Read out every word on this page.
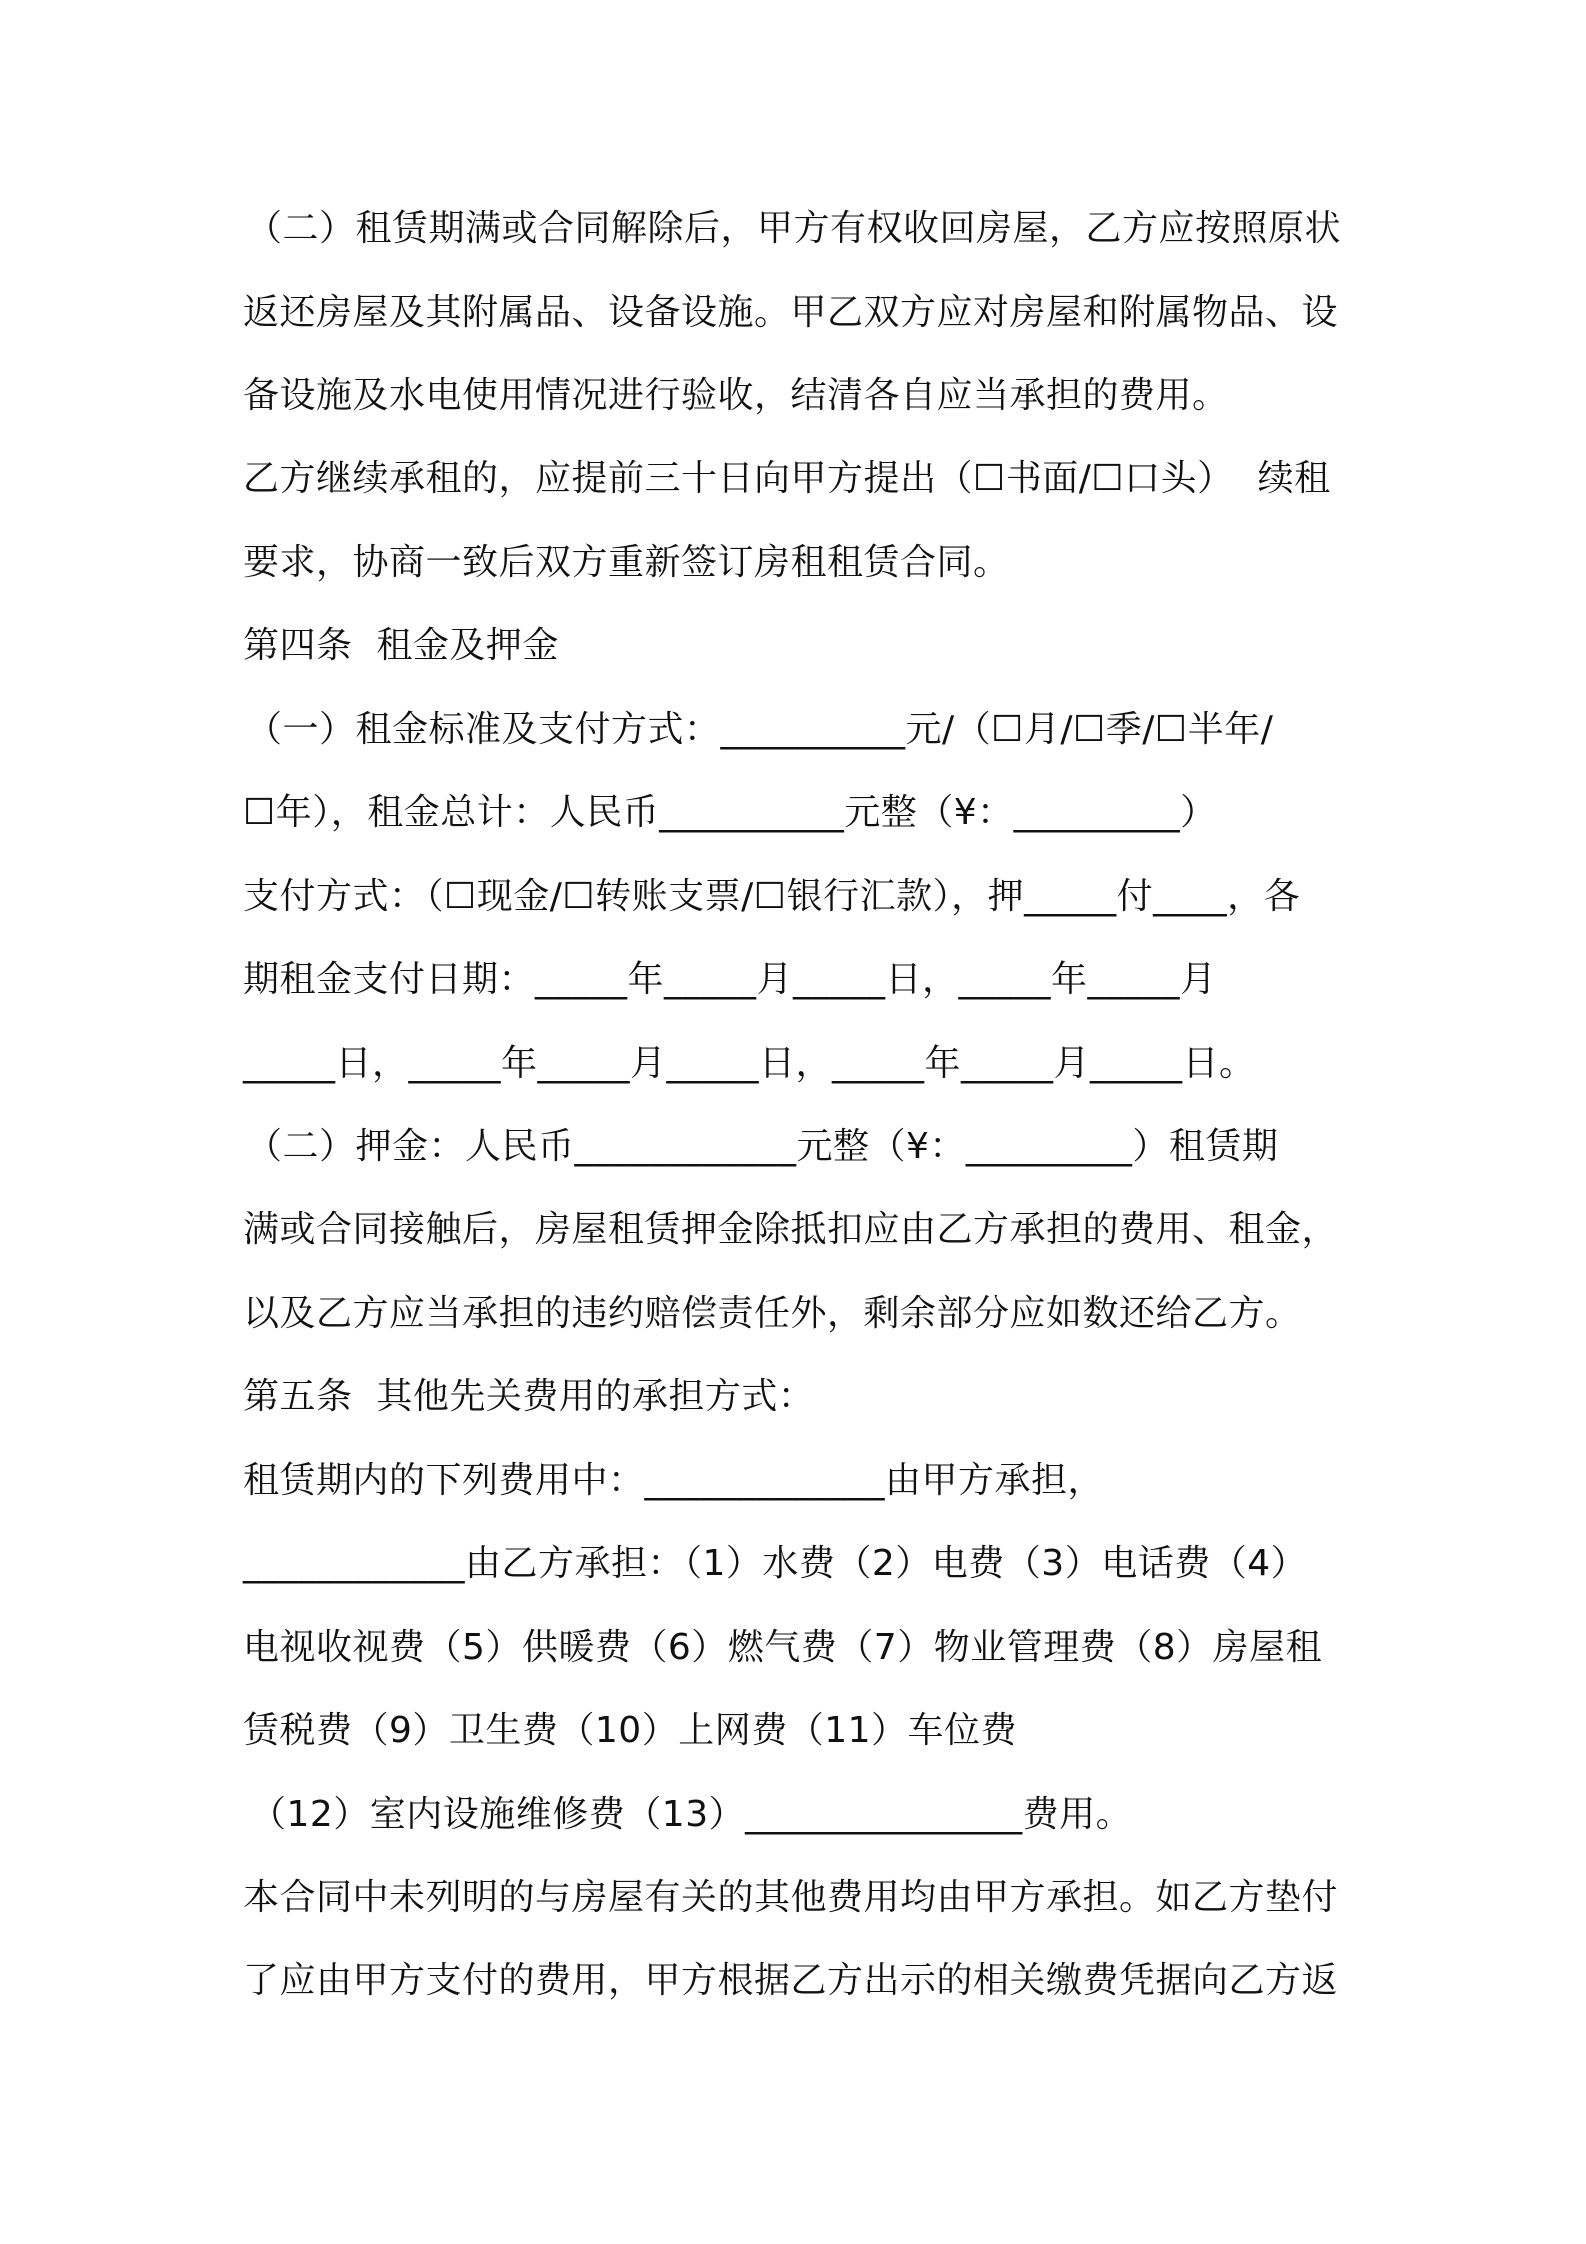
（二）租赁期满或合同解除后，甲方有权收回房屋，乙方应按照原状
返还房屋及其附属品、设备设施。甲乙双方应对房屋和附属物品、设
备设施及水电使用情况进行验收，结清各自应当承担的费用。
乙方继续承租的，应提前三十日向甲方提出（☐书面/☐口头）  续租
要求，协商一致后双方重新签订房租租赁合同。
第四条  租金及押金
（一）租金标准及支付方式：__________元/（☐月/☐季/☐半年/
☐年），租金总计：人民币__________元整（¥：_________）
支付方式：（☐现金/☐转账支票/☐银行汇款），押_____付____，各
期租金支付日期：_____年_____月_____日，_____年_____月
_____日，_____年_____月_____日，_____年_____月_____日。
（二）押金：人民币____________元整（¥：_________）租赁期
满或合同接触后，房屋租赁押金除抵扣应由乙方承担的费用、租金，
以及乙方应当承担的违约赔偿责任外，剩余部分应如数还给乙方。
第五条  其他先关费用的承担方式：
租赁期内的下列费用中：_____________由甲方承担，
____________由乙方承担：（1）水费（2）电费（3）电话费（4）
电视收视费（5）供暖费（6）燃气费（7）物业管理费（8）房屋租
赁税费（9）卫生费（10）上网费（11）车位费
（12）室内设施维修费（13）_______________费用。
本合同中未列明的与房屋有关的其他费用均由甲方承担。如乙方垫付
了应由甲方支付的费用，甲方根据乙方出示的相关缴费凭据向乙方返
